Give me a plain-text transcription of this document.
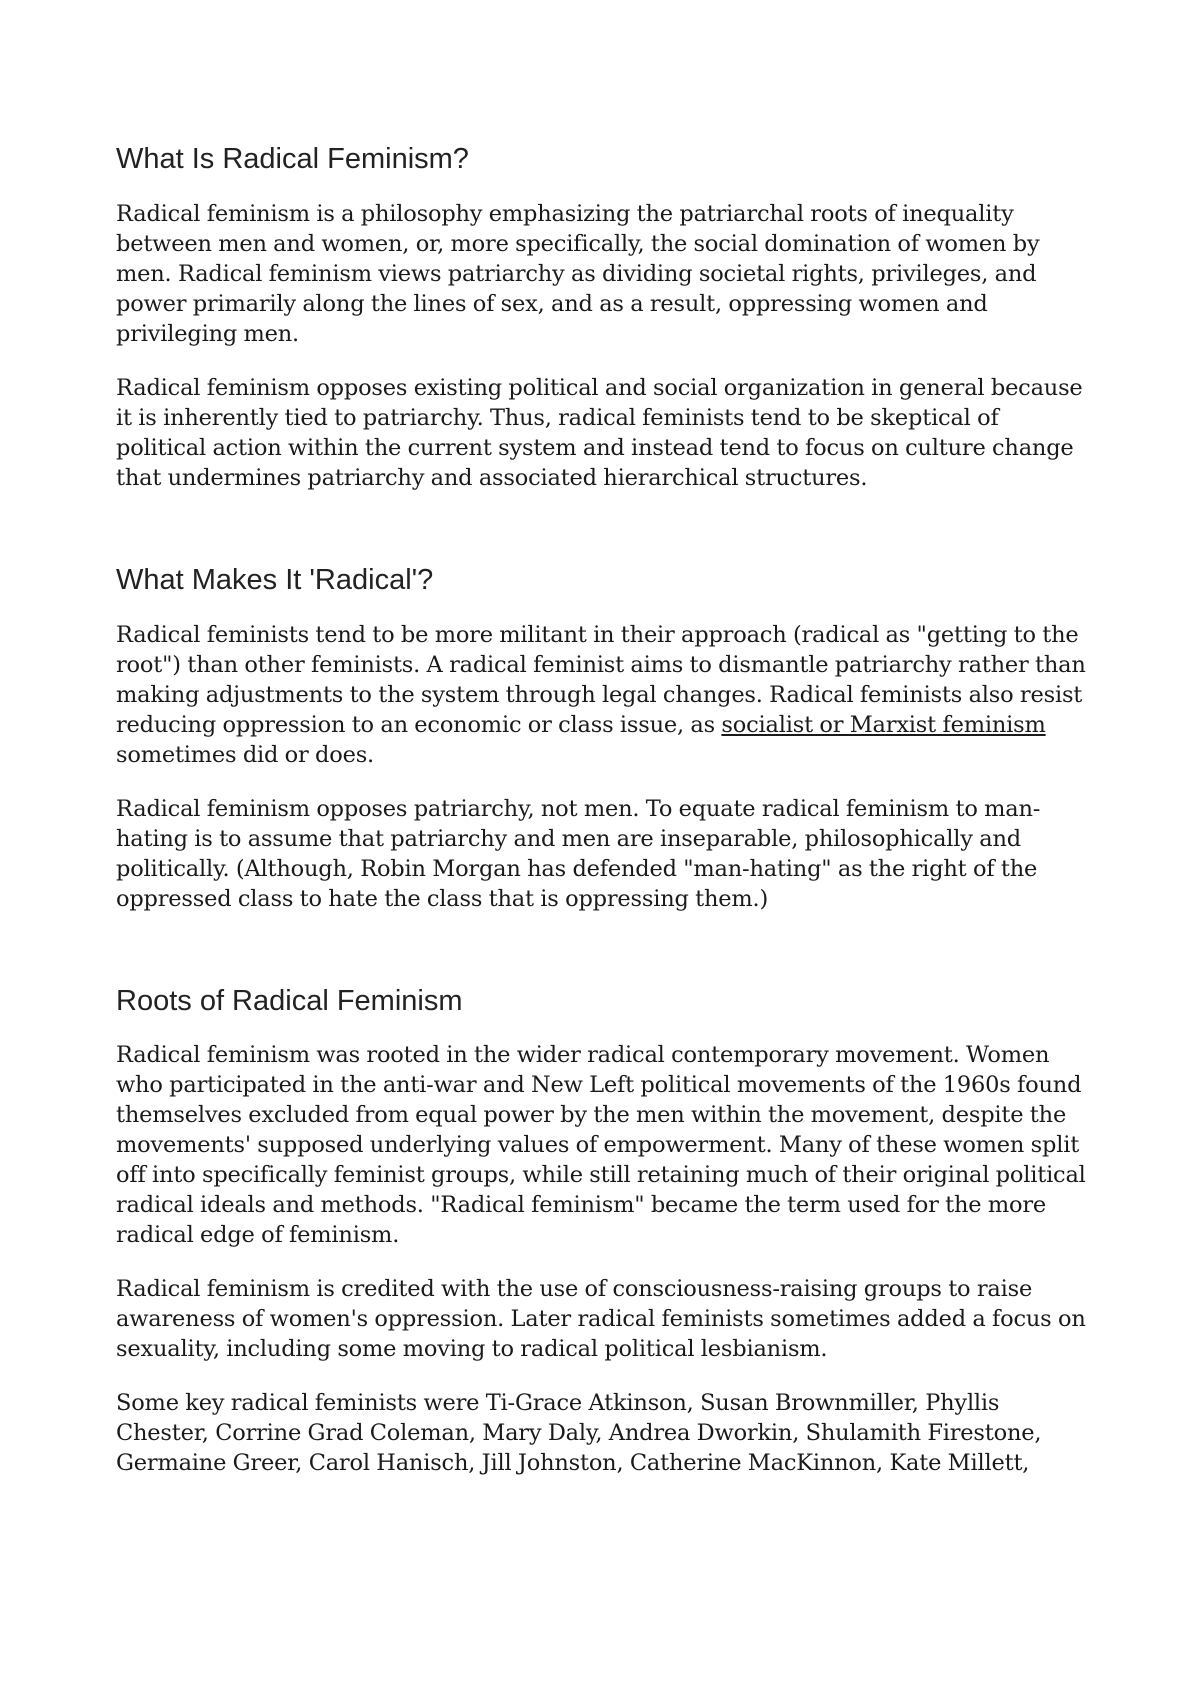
What Is Radical Feminism?

Radical feminism is a philosophy emphasizing the patriarchal roots of inequality between men and women, or, more specifically, the social domination of women by men. Radical feminism views patriarchy as dividing societal rights, privileges, and power primarily along the lines of sex, and as a result, oppressing women and privileging men.

Radical feminism opposes existing political and social organization in general because it is inherently tied to patriarchy. Thus, radical feminists tend to be skeptical of political action within the current system and instead tend to focus on culture change that undermines patriarchy and associated hierarchical structures.

What Makes It 'Radical'?

Radical feminists tend to be more militant in their approach (radical as "getting to the root") than other feminists. A radical feminist aims to dismantle patriarchy rather than making adjustments to the system through legal changes. Radical feminists also resist reducing oppression to an economic or class issue, as socialist or Marxist feminism sometimes did or does.

Radical feminism opposes patriarchy, not men. To equate radical feminism to man-hating is to assume that patriarchy and men are inseparable, philosophically and politically. (Although, Robin Morgan has defended "man-hating" as the right of the oppressed class to hate the class that is oppressing them.)

Roots of Radical Feminism

Radical feminism was rooted in the wider radical contemporary movement. Women who participated in the anti-war and New Left political movements of the 1960s found themselves excluded from equal power by the men within the movement, despite the movements' supposed underlying values of empowerment. Many of these women split off into specifically feminist groups, while still retaining much of their original political radical ideals and methods. "Radical feminism" became the term used for the more radical edge of feminism.

Radical feminism is credited with the use of consciousness-raising groups to raise awareness of women's oppression. Later radical feminists sometimes added a focus on sexuality, including some moving to radical political lesbianism.

Some key radical feminists were Ti-Grace Atkinson, Susan Brownmiller, Phyllis Chester, Corrine Grad Coleman, Mary Daly, Andrea Dworkin, Shulamith Firestone, Germaine Greer, Carol Hanisch, Jill Johnston, Catherine MacKinnon, Kate Millett,
